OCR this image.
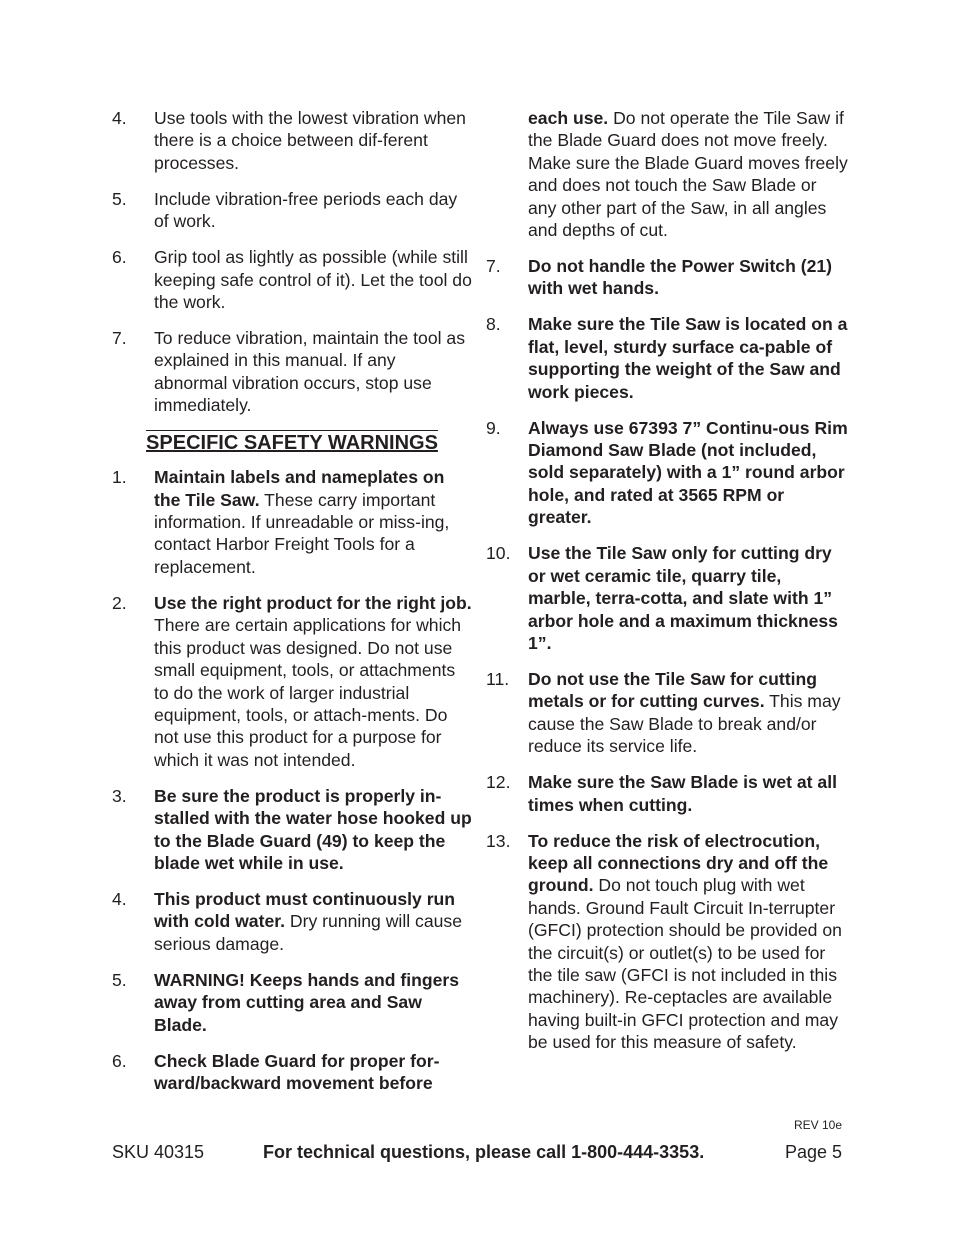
4.	Use tools with the lowest vibration when there is a choice between dif-ferent processes.
5.	Include vibration-free periods each day of work.
6.	Grip tool as lightly as possible (while still keeping safe control of it). Let the tool do the work.
7.	To reduce vibration, maintain the tool as explained in this manual. If any abnormal vibration occurs, stop use immediately.
SPECIFIC SAFETY WARNINGS
1.	Maintain labels and nameplates on the Tile Saw. These carry important information. If unreadable or miss-ing, contact Harbor Freight Tools for a replacement.
2.	Use the right product for the right job. There are certain applications for which this product was designed. Do not use small equipment, tools, or attachments to do the work of larger industrial equipment, tools, or attach-ments. Do not use this product for a purpose for which it was not intended.
3.	Be sure the product is properly in-stalled with the water hose hooked up to the Blade Guard (49) to keep the blade wet while in use.
4.	This product must continuously run with cold water. Dry running will cause serious damage.
5.	WARNING! Keeps hands and fingers away from cutting area and Saw Blade.
6.	Check Blade Guard for proper for-ward/backward movement before
each use. Do not operate the Tile Saw if the Blade Guard does not move freely. Make sure the Blade Guard moves freely and does not touch the Saw Blade or any other part of the Saw, in all angles and depths of cut.
7.	Do not handle the Power Switch (21) with wet hands.
8.	Make sure the Tile Saw is located on a flat, level, sturdy surface ca-pable of supporting the weight of the Saw and work pieces.
9.	Always use 67393 7” Continu-ous Rim Diamond Saw Blade (not included, sold separately) with a 1” round arbor hole, and rated at 3565 RPM or greater.
10. Use the Tile Saw only for cutting dry or wet ceramic tile, quarry tile, marble, terra-cotta, and slate with 1” arbor hole and a maximum thickness 1”.
11.	Do not use the Tile Saw for cutting metals or for cutting curves. This may cause the Saw Blade to break and/or reduce its service life.
12. Make sure the Saw Blade is wet at all times when cutting.
13. To reduce the risk of electrocution, keep all connections dry and off the ground. Do not touch plug with wet hands. Ground Fault Circuit In-terrupter (GFCI) protection should be provided on the circuit(s) or outlet(s) to be used for the tile saw (GFCI is not included in this machinery). Re-ceptacles are available having built-in GFCI protection and may be used for this measure of safety.
REV 10e
SKU 40315	For technical questions, please call 1-800-444-3353.	Page 5
